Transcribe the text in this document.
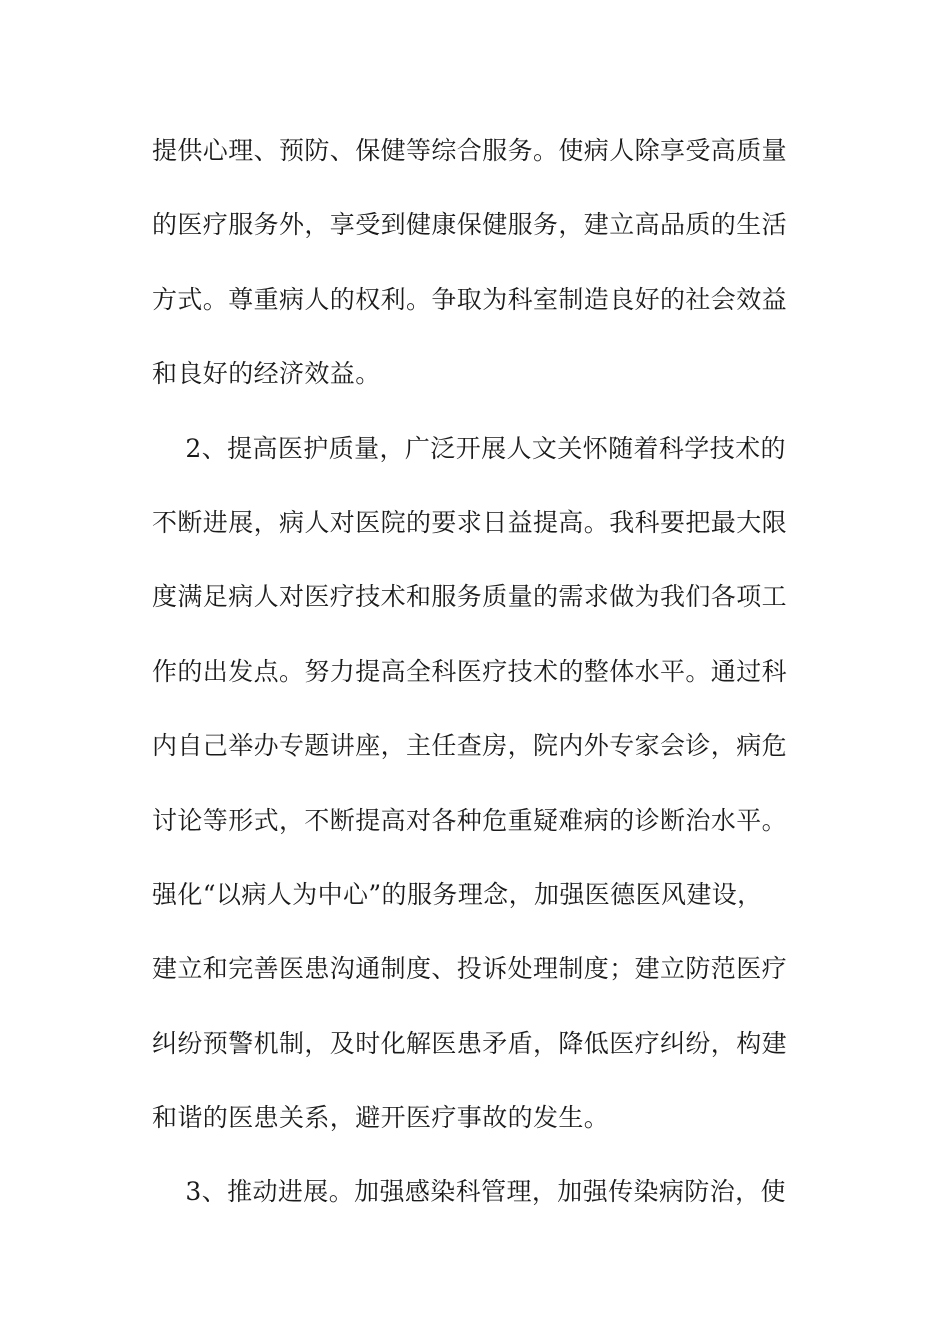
提供心理、预防、保健等综合服务。使病人除享受高质量
的医疗服务外，享受到健康保健服务，建立高品质的生活
方式。尊重病人的权利。争取为科室制造良好的社会效益
和良好的经济效益。
2、提高医护质量，广泛开展人文关怀随着科学技术的
不断进展，病人对医院的要求日益提高。我科要把最大限
度满足病人对医疗技术和服务质量的需求做为我们各项工
作的出发点。努力提高全科医疗技术的整体水平。通过科
内自己举办专题讲座，主任查房，院内外专家会诊，病危
讨论等形式，不断提高对各种危重疑难病的诊断治水平。
强化“以病人为中心”的服务理念，加强医德医风建设，
建立和完善医患沟通制度、投诉处理制度；建立防范医疗
纠纷预警机制，及时化解医患矛盾，降低医疗纠纷，构建
和谐的医患关系，避开医疗事故的发生。
3、推动进展。加强感染科管理，加强传染病防治，使
